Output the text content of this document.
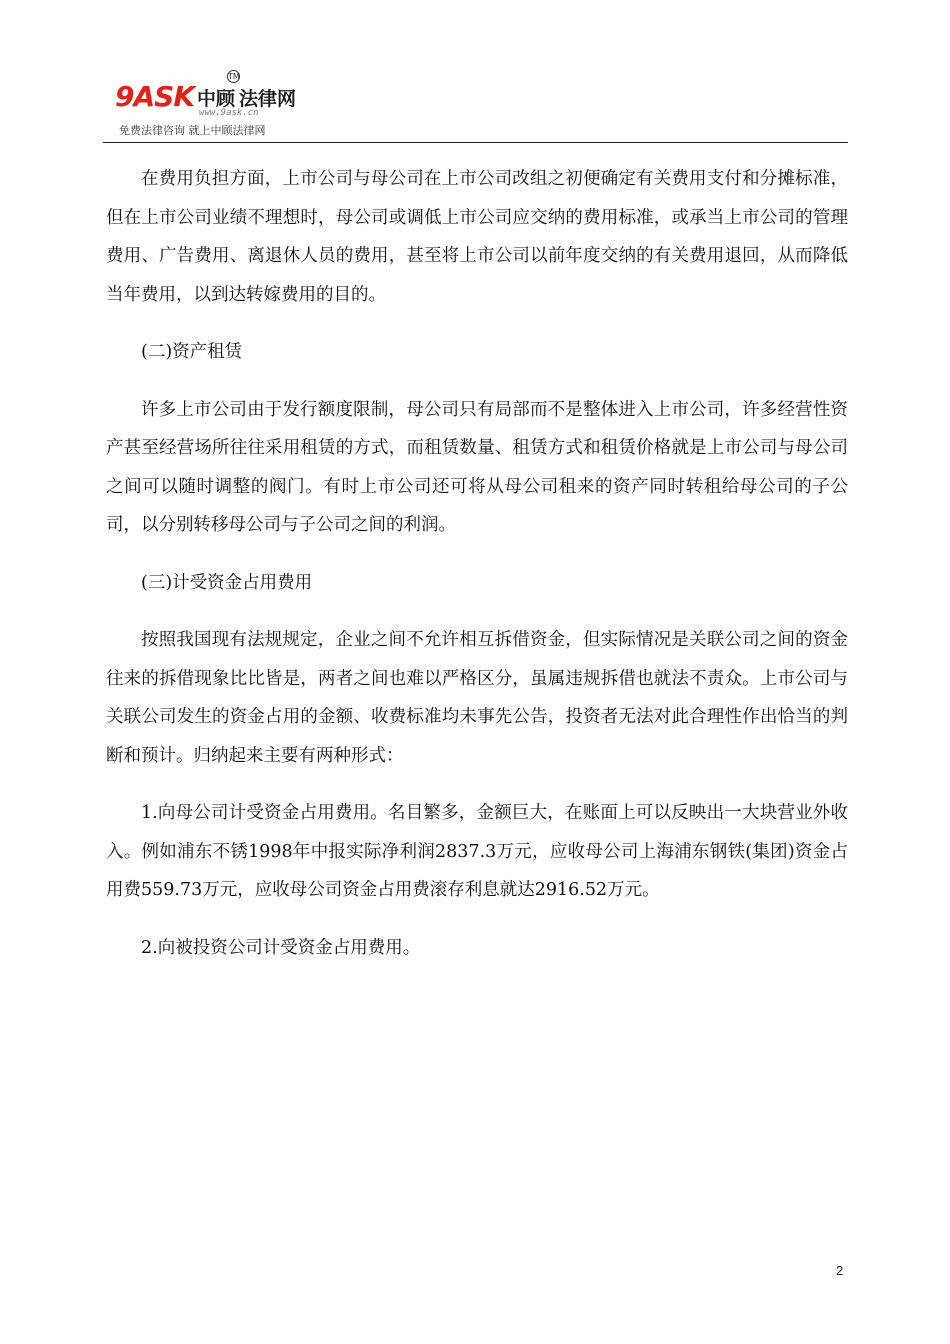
9ASK 中顾 法律网
TM
www.9ask.cn
免费法律咨询 就上中顾法律网

在费用负担方面，上市公司与母公司在上市公司改组之初便确定有关费用支付和分摊标准，但在上市公司业绩不理想时，母公司或调低上市公司应交纳的费用标准，或承当上市公司的管理费用、广告费用、离退休人员的费用，甚至将上市公司以前年度交纳的有关费用退回，从而降低当年费用，以到达转嫁费用的目的。

(二)资产租赁

许多上市公司由于发行额度限制，母公司只有局部而不是整体进入上市公司，许多经营性资产甚至经营场所往往采用租赁的方式，而租赁数量、租赁方式和租赁价格就是上市公司与母公司之间可以随时调整的阀门。有时上市公司还可将从母公司租来的资产同时转租给母公司的子公司，以分别转移母公司与子公司之间的利润。

(三)计受资金占用费用

按照我国现有法规规定，企业之间不允许相互拆借资金，但实际情况是关联公司之间的资金往来的拆借现象比比皆是，两者之间也难以严格区分，虽属违规拆借也就法不责众。上市公司与关联公司发生的资金占用的金额、收费标准均未事先公告，投资者无法对此合理性作出恰当的判断和预计。归纳起来主要有两种形式：

1.向母公司计受资金占用费用。名目繁多，金额巨大，在账面上可以反映出一大块营业外收入。例如浦东不锈1998年中报实际净利润2837.3万元，应收母公司上海浦东钢铁(集团)资金占用费559.73万元，应收母公司资金占用费滚存利息就达2916.52万元。

2.向被投资公司计受资金占用费用。

2
